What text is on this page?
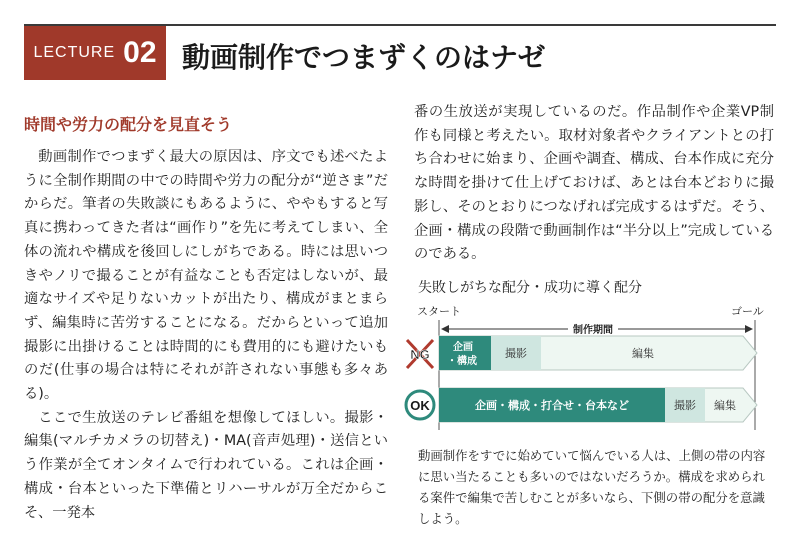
LECTURE 02 動画制作でつまずくのはナゼ
時間や労力の配分を見直そう

動画制作でつまずく最大の原因は、序文でも述べたように全制作期間の中での時間や労力の配分が“逆さま”だからだ。筆者の失敗談にもあるように、ややもすると写真に携わってきた者は“画作り”を先に考えてしまい、全体の流れや構成を後回しにしがちである。時には思いつきやノリで撮ることが有益なことも否定はしないが、最適なサイズや足りないカットが出たり、構成がまとまらず、編集時に苦労することになる。だからといって追加撮影に出掛けることは時間的にも費用的にも避けたいものだ(仕事の場合は特にそれが許されない事態も多々ある)。

ここで生放送のテレビ番組を想像してほしい。撮影・編集(マルチカメラの切替え)・MA(音声処理)・送信という作業が全てオンタイムで行われている。これは企画・構成・台本といった下準備とリハーサルが万全だからこそ、一発本

番の生放送が実現しているのだ。作品制作や企業VP制作も同様と考えたい。取材対象者やクライアントとの打ち合わせに始まり、企画や調査、構成、台本作成に充分な時間を掛けて仕上げておけば、あとは台本どおりに撮影し、そのとおりにつなげれば完成するはずだ。そう、企画・構成の段階で動画制作は“半分以上”完成しているのである。

失敗しがちな配分・成功に導く配分
スタート	ゴール
制作期間
企画
・構成
撮影	編集
NG
企画・構成・打合せ・台本など	撮影 編集
OK
動画制作をすでに始めていて悩んでいる人は、上側の帯の内容に思い当たることも多いのではないだろうか。構成を求められる案件で編集で苦しむことが多いなら、下側の帯の配分を意識しよう。
